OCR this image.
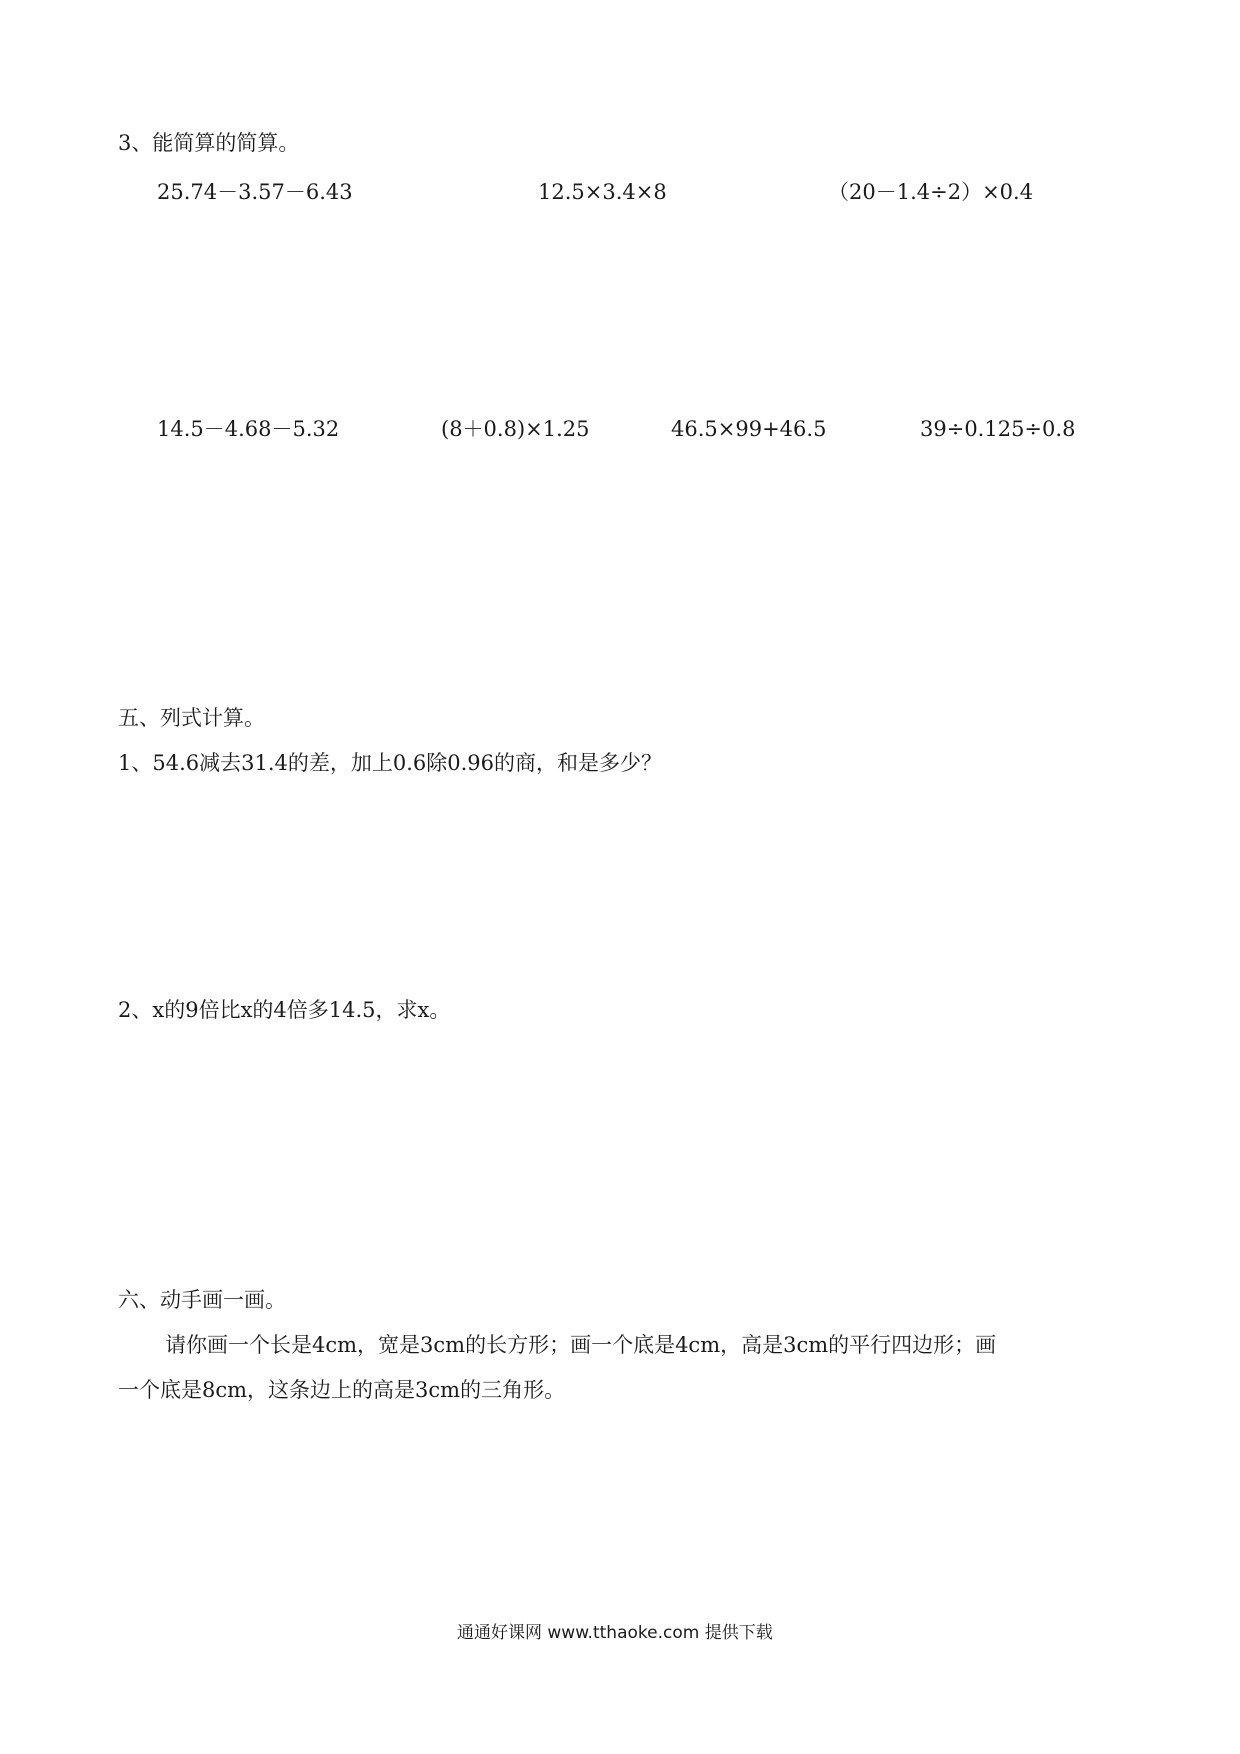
3、能简算的简算。
25.74－3.57－6.43	12.5×3.4×8	（20－1.4÷2）×0.4
14.5－4.68－5.32	(8＋0.8)×1.25	46.5×99+46.5	39÷0.125÷0.8
五、列式计算。
1、54.6减去31.4的差，加上0.6除0.96的商，和是多少？
2、x的9倍比x的4倍多14.5，求x。
六、动手画一画。
请你画一个长是4cm，宽是3cm的长方形；画一个底是4cm，高是3cm的平行四边形；画
一个底是8cm，这条边上的高是3cm的三角形。
通通好课网 www.tthaoke.com 提供下载
